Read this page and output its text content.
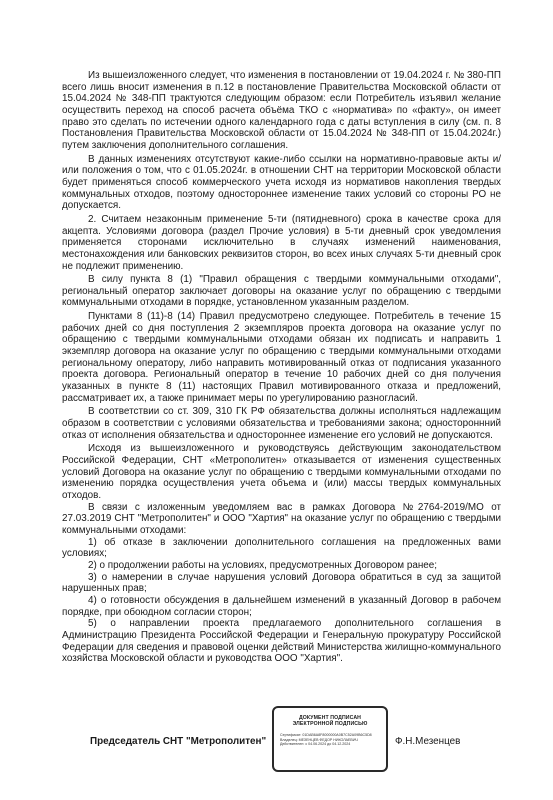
Из вышеизложенного следует, что изменения в постановлении от 19.04.2024 г. № 380-ПП всего лишь вносит изменения в п.12 в постановление Правительства Московской области от 15.04.2024 № 348-ПП трактуются следующим образом: если Потребитель изъявил желание осуществить переход на способ расчета объёма ТКО с «норматива» по «факту», он имеет право это сделать по истечении одного календарного года с даты вступления в силу (см. п. 8 Постановления Правительства Московской области от 15.04.2024 № 348-ПП от 15.04.2024г.) путем заключения дополнительного соглашения.

В данных изменениях отсутствуют какие-либо ссылки на нормативно-правовые акты и/или положения о том, что с 01.05.2024г. в отношении СНТ на территории Московской области будет применяться способ коммерческого учета исходя из нормативов накопления твердых коммунальных отходов, поэтому одностороннее изменение таких условий со стороны РО не допускается.

2. Считаем незаконным применение 5-ти (пятидневного) срока в качестве срока для акцепта. Условиями договора (раздел Прочие условия) в 5-ти дневный срок уведомления применяется сторонами исключительно в случаях изменений наименования, местонахождения или банковских реквизитов сторон, во всех иных случаях 5-ти дневный срок не подлежит применению.

В силу пункта 8 (1) "Правил обращения с твердыми коммунальными отходами", региональный оператор заключает договоры на оказание услуг по обращению с твердыми коммунальными отходами в порядке, установленном указанным разделом.

Пунктами 8 (11)-8 (14) Правил предусмотрено следующее. Потребитель в течение 15 рабочих дней со дня поступления 2 экземпляров проекта договора на оказание услуг по обращению с твердыми коммунальными отходами обязан их подписать и направить 1 экземпляр договора на оказание услуг по обращению с твердыми коммунальными отходами региональному оператору, либо направить мотивированный отказ от подписания указанного проекта договора. Региональный оператор в течение 10 рабочих дней со дня получения указанных в пункте 8 (11) настоящих Правил мотивированного отказа и предложений, рассматривает их, а также принимает меры по урегулированию разногласий.

В соответствии со ст. 309, 310 ГК РФ обязательства должны исполняться надлежащим образом в соответствии с условиями обязательства и требованиями закона; одностороннний отказ от исполнения обязательства и одностороннее изменение его условий не допускаются.

Исходя из вышеизложенного и руководствуясь действующим законодательством Российской Федерации, СНТ «Метрополитен» отказывается от изменения существенных условий Договора на оказание услуг по обращению с твердыми коммунальными отходами по изменению порядка осуществления учета объема и (или) массы твердых коммунальных отходов.

В связи с изложенным уведомляем вас в рамках Договора №2764-2019/МО от 27.03.2019 СНТ "Метрополитен" и ООО "Хартия" на оказание услуг по обращению с твердыми коммунальными отходами:

1) об отказе в заключении дополнительного соглашения на предложенных вами условиях;

2) о продолжении работы на условиях, предусмотренных Договором ранее;

3) о намерении в случае нарушения условий Договора обратиться в суд за защитой нарушенных прав;

4) о готовности обсуждения в дальнейшем изменений в указанный Договор в рабочем порядке, при обоюдном согласии сторон;

5) о направлении проекта предлагаемого дополнительного соглашения в Администрацию Президента Российской Федерации и Генеральную прокуратуру Российской Федерации для сведения и правовой оценки действий Министерства жилищно-коммунального хозяйства Московской области и руководства ООО "Хартия".

Председатель СНТ "Метрополитен"
ДОКУМЕНТ ПОДПИСАН
ЭЛЕКТРОННОЙ ПОДПИСЬЮ
Сертификат: 01DAB6A8F8000000A0B7C52A09B6C5D8
Владелец: МЕЗЕНЦЕВ ФЕДОР НИКОЛАЕВИЧ
Действителен: с 04.06.2024 до 04.12.2024	Ф.Н.Мезенцев
